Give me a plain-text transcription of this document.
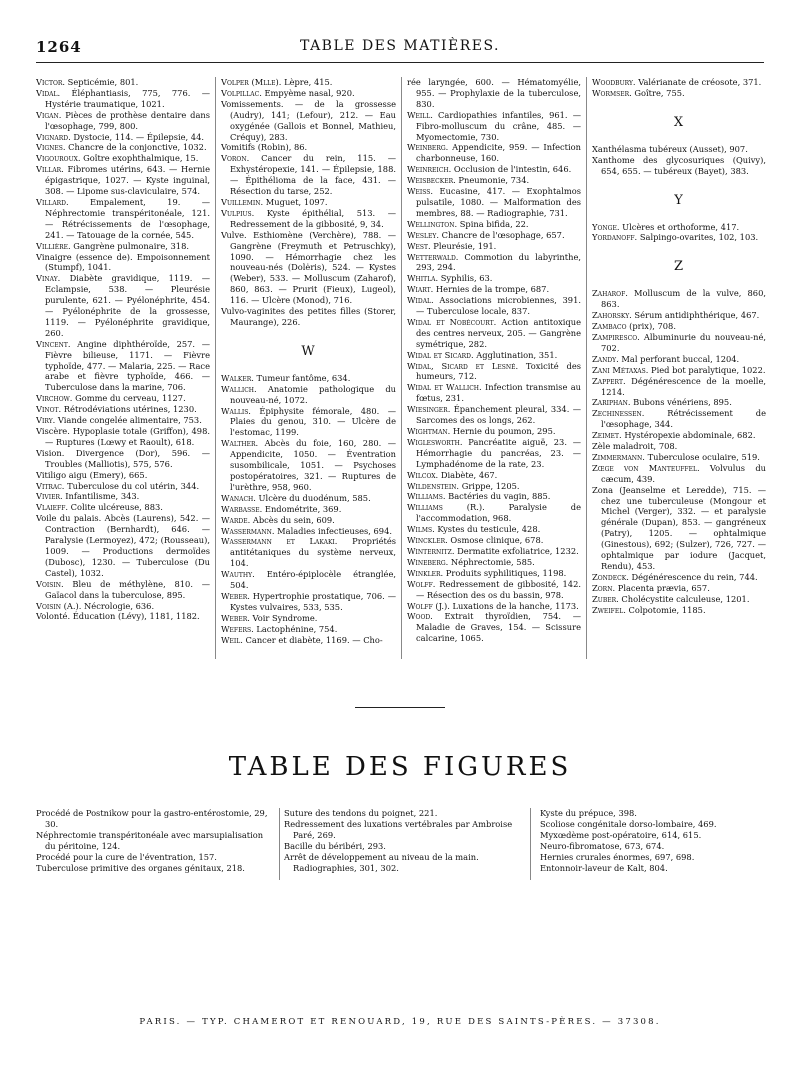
1264	TABLE DES MATIÈRES.
Victor. Septicémie, 801.
Vidal. Éléphantiasis, 775, 776. — Hystérie traumatique, 1021.
Vigan. Pièces de prothèse dentaire dans l'œsophage, 799, 800.
Vignard. Dystocie, 114. — Épilepsie, 44.
Vignes. Chancre de la conjonctive, 1032.
Vigouroux. Goître exophthalmique, 15.
Villar. Fibromes utérins, 643. — Hernie épigastrique, 1027. — Kyste inguinal, 308. — Lipome sus-claviculaire, 574.
Villard. Empalement, 19. — Néphrectomie transpéritonéale, 121. — Rétrécissements de l'œsophage, 241. — Tatouage de la cornée, 545.
Villière. Gangrène pulmonaire, 318.
Vinaigre (essence de). Empoisonnement (Stumpf), 1041.
Vinay. Diabète gravidique, 1119. — Eclampsie, 538. — Pleurésie purulente, 621. — Pyélonéphrite, 454. — Pyélonéphrite de la grossesse, 1119. — Pyélonéphrite gravidique, 260.
Vincent. Angine diphthéroïde, 257. — Fièvre bilieuse, 1171. — Fièvre typhoïde, 477. — Malaria, 225. — Race arabe et fièvre typhoïde, 466. — Tuberculose dans la marine, 706.
Virchow. Gomme du cerveau, 1127.
Vinot. Rétrodéviations utérines, 1230.
Viry. Viande congelée alimentaire, 753.
Viscère. Hypoplasie totale (Griffon), 498. — Ruptures (Lœwy et Raoult), 618.
Vision. Divergence (Dor), 596. — Troubles (Malliotis), 575, 576.
Vitiligo aigu (Emery), 665.
Vitrac. Tuberculose du col utérin, 344.
Vivier. Infantilisme, 343.
Vlaieff. Colite ulcéreuse, 883.
Voile du palais. Abcès (Laurens), 542. — Contraction (Bernhardt), 646. — Paralysie (Lermoyez), 472; (Rousseau), 1009. — Productions dermoïdes (Dubosc), 1230. — Tuberculose (Du Castel), 1032.
Voisin. Bleu de méthylène, 810. — Gaïacol dans la tuberculose, 895.
Voisin (A.). Nécrologie, 636.
Volonté. Éducation (Lévy), 1181, 1182.
Volper (Mlle). Lèpre, 415.
Volpillac. Empyème nasal, 920.
Vomissements. — de la grossesse (Audry), 141; (Lefour), 212. — Eau oxygénée (Gallois et Bonnel, Mathieu, Créquy), 283.
Vomitifs (Robin), 86.
Voron. Cancer du rein, 115. — Exhystéropexie, 141. — Épilepsie, 188. — Épithélioma de la face, 431. — Résection du tarse, 252.
Vuillemin. Muguet, 1097.
Vulpius. Kyste épithélial, 513. — Redressement de la gibbosité, 9, 34.
Vulve. Esthiomène (Verchère), 788. — Gangrène (Freymuth et Petruschky), 1090. — Hémorrhagie chez les nouveau-nés (Dolėris), 524. — Kystes (Weber), 533. — Molluscum (Zaharof), 860, 863. — Prurit (Fieux), Lugeol), 116. — Ulcère (Monod), 716.
Vulvo-vaginites des petites filles (Storer, Maurange), 226.
W
Walker. Tumeur fantôme, 634.
Wallich. Anatomie pathologique du nouveau-né, 1072.
Wallis. Épiphysite fémorale, 480. — Plaies du genou, 310. — Ulcère de l'estomac, 1199.
Walther. Abcès du foie, 160, 280. — Appendicite, 1050. — Éventration susombilicale, 1051. — Psychoses postopératoires, 321. — Ruptures de l'urèthre, 958, 960.
Wanach. Ulcère du duodénum, 585.
Warbasse. Endométrite, 369.
Warde. Abcès du sein, 609.
Wassermann. Maladies infectieuses, 694.
Wassermann et Lakaki. Propriétés antitétaniques du système nerveux, 104.
Wauthy. Entéro-épiplocèle étranglée, 504.
Weber. Hypertrophie prostatique, 706. — Kystes vulvaires, 533, 535.
Weber. Voir Syndrome.
Wefers. Lactophénine, 754.
Weil. Cancer et diabète, 1169. — Cho-
rée laryngée, 600. — Hématomyélie, 955. — Prophylaxie de la tuberculose, 830.
Weill. Cardiopathies infantiles, 961. — Fibro-molluscum du crâne, 485. — Myomectomie, 730.
Weinberg. Appendicite, 959. — Infection charbonneuse, 160.
Weinreich. Occlusion de l'intestin, 646.
Weisbecker. Pneumonie, 734.
Weiss. Eucasine, 417. — Exophtalmos pulsatile, 1080. — Malformation des membres, 88. — Radiographie, 731.
Wellington. Spina bifida, 22.
Wesley. Chancre de l'œsophage, 657.
West. Pleurésie, 191.
Wetterwald. Commotion du labyrinthe, 293, 294.
Whitla. Syphilis, 63.
Wiart. Hernies de la trompe, 687.
Widal. Associations microbiennes, 391. — Tuberculose locale, 837.
Widal et Nobécourt. Action antitoxique des centres nerveux, 205. — Gangrène symétrique, 282.
Widal et Sicard. Agglutination, 351.
Widal, Sicard et Lesné. Toxicité des humeurs, 712.
Widal et Wallich. Infection transmise au fœtus, 231.
Wiesinger. Épanchement pleural, 334. — Sarcomes des os longs, 262.
Wightman. Hernie du poumon, 295.
Wiglesworth. Pancréatite aiguë, 23. — Hémorrhagie du pancréas, 23. — Lymphadénome de la rate, 23.
Wilcox. Diabète, 467.
Wildenstein. Grippe, 1205.
Williams. Bactéries du vagin, 885.
Williams (R.). Paralysie de l'accommodation, 968.
Wilms. Kystes du testicule, 428.
Winckler. Osmose clinique, 678.
Winternitz. Dermatite exfoliatrice, 1232.
Wineberg. Néphrectomie, 585.
Winkler. Produits syphilitiques, 1198.
Wolff. Redressement de gibbosité, 142. — Résection des os du bassin, 978.
Wolff (J.). Luxations de la hanche, 1173.
Wood. Extrait thyroïdien, 754. — Maladie de Graves, 154. — Scissure calcarine, 1065.
Woodbury. Valérianate de créosote, 371.
Wormser. Goître, 755.
X
Xanthélasma tubéreux (Ausset), 907.
Xanthome des glycosuriques (Quivy), 654, 655. — tubéreux (Bayet), 383.
Y
Yonge. Ulcères et orthoforme, 417.
Yordanoff. Salpingo-ovarites, 102, 103.
Z
Zaharof. Molluscum de la vulve, 860, 863.
Zahorsky. Sérum antidiphthérique, 467.
Zambaco (prix), 708.
Zampiresco. Albuminurie du nouveau-né, 702.
Zandy. Mal perforant buccal, 1204.
Zani Métaxas. Pied bot paralytique, 1022.
Zappert. Dégénérescence de la moelle, 1214.
Zariphan. Bubons vénériens, 895.
Zechinessen. Rétrécissement de l'œsophage, 344.
Zeimet. Hystéropexie abdominale, 682.
Zèle maladroit, 708.
Zimmermann. Tuberculose oculaire, 519.
Zœge von Manteuffel. Volvulus du cæcum, 439.
Zona (Jeanselme et Leredde), 715. — chez une tuberculeuse (Mongour et Michel (Verger), 332. — et paralysie générale (Dupan), 853. — gangréneux (Patry), 1205. — ophtalmique (Ginestous), 692; (Sulzer), 726, 727. — ophtalmique par iodure (Jacquet, Rendu), 453.
Zondeck. Dégénérescence du rein, 744.
Zorn. Placenta prævia, 657.
Zuber. Cholécystite calculeuse, 1201.
Zweifel. Colpotomie, 1185.
TABLE DES FIGURES
Procédé de Postnikow pour la gastro-entérostomie, 29, 30.
Néphrectomie transpéritonéale avec marsupialisation du péritoine, 124.
Procédé pour la cure de l'éventration, 157.
Tuberculose primitive des organes génitaux, 218.
Suture des tendons du poignet, 221.
Redressement des luxations vertébrales par Ambroise Paré, 269.
Bacille du béribéri, 293.
Arrêt de développement au niveau de la main. Radiographies, 301, 302.
Kyste du prépuce, 398.
Scoliose congénitale dorso-lombaire, 469.
Myxœdème post-opératoire, 614, 615.
Neuro-fibromatose, 673, 674.
Hernies crurales énormes, 697, 698.
Entonnoir-laveur de Kalt, 804.
PARIS. — TYP. CHAMEROT ET RENOUARD, 19, RUE DES SAINTS-PÈRES. — 37308.
